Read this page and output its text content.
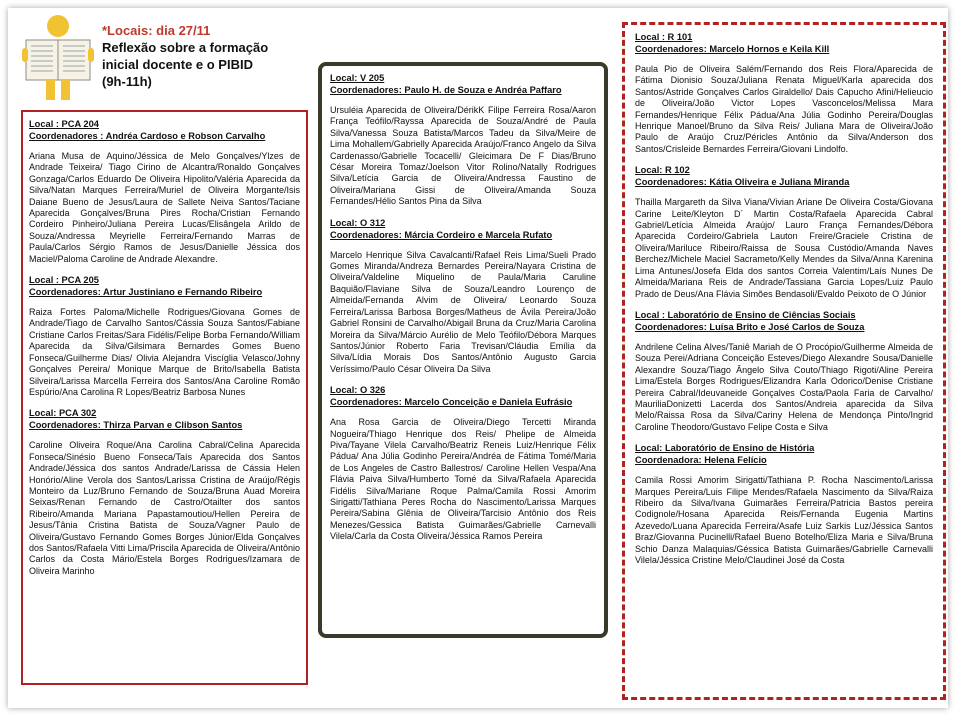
*Locais: dia 27/11
Reflexão sobre a formação inicial docente e o PIBID
(9h-11h)
Local : PCA 204
Coordenadores : Andréa Cardoso e Robson Carvalho
Ariana Musa de Aquino/Jéssica de Melo Gonçalves/Ylzes de Andrade Teixeira/ Tiago Cirino de Alcantra/Ronaldo Gonçalves Gonzaga/Carlos Eduardo De Oliveira Hipolito/Valéria Aparecida da Silva/Natan Marques Ferreira/Muriel de Oliveira Morgante/Isis Daiane Bueno de Jesus/Laura de Sallete Neiva Santos/Taciane Aparecida Gonçalves/Bruna Pires Rocha/Cristian Fernando Cordeiro Pinheiro/Juliana Pereira Lucas/Elisângela Arildo de Souza/Andressa Meyrielle Ferreira/Fernando Marras de Paula/Carlos Sérgio Ramos de Jesus/Danielle Jéssica dos Maciel/Paloma Caroline de Andrade Alexandre.
Local : PCA 205
Coordenadores: Artur Justiniano e Fernando Ribeiro
Raiza Fortes Paloma/Michelle Rodrigues/Giovana Gomes de Andrade/Tiago de Carvalho Santos/Cássia Souza Santos/Fabiane Cristiane Carlos Freitas/Sara Fidélis/Felipe Borba Fernando/William Aparecida da Silva/Gilsimara Bernardes Gomes Bueno Fonseca/Guilherme Dias/ Olivia Alejandra Viscíglia Velasco/Johny Gonçalves Pereira/ Monique Marque de Brito/Isabella Batista Silveira/Larissa Marcella Ferreira dos Santos/Ana Caroline Romão Espúrio/Ana Carolina R Lopes/Beatriz Barbosa Nunes
Local: PCA 302
Coordenadores: Thirza Parvan e Clibson Santos
Caroline Oliveira Roque/Ana Carolina Cabral/Celina Aparecida Fonseca/Sinésio Bueno Fonseca/Taís Aparecida dos Santos Andrade/Jéssica dos santos Andrade/Larissa de Cássia Helen Honório/Aline Verola dos Santos/Larissa Cristina de Araújo/Régis Monteiro da Luz/Bruno Fernando de Souza/Bruna Auad Moreira Seixas/Renan Fernando de Castro/Otailter dos santos Ribeiro/Amanda Mariana Papastamoutiou/Hellen Pereira de Jesus/Tânia Cristina Batista de Souza/Vagner Paulo de Oliveira/Gustavo Fernando Gomes Borges Júnior/Elda Gonçalves dos Santos/Rafaela Vitti Lima/Priscila Aparecida de Oliveira/Antônio Carlos da Costa Mário/Estela Borges Rodrigues/Izamara de Oliveira Marinho
Local: V 205
Coordenadores: Paulo H. de Souza e Andréa Paffaro
Ursuléia Aparecida de Oliveira/DérikK Filipe Ferreira Rosa/Aaron França Teófilo/Rayssa Aparecida de Souza/André de Paula Silva/Vanessa Souza Batista/Marcos Tadeu da Silva/Meire de Lima Mohallem/Gabrielly Aparecida Araújo/Franco Angelo da Silva Cardenasso/Gabrielle Tocacelli/ Gleicimara De F Dias/Bruno César Moreira Tomaz/Joelson Vitor Rolino/Natally Rodrigues Silva/Letícia Garcia de Oliveira/Andressa Faustino de Oliveira/Mariana Gissi de Oliveira/Amanda Souza Fernandes/Hélio Santos Pina da Silva
Local: O 312
Coordenadores: Márcia Cordeiro e Marcela Rufato
Marcelo Henrique Silva Cavalcanti/Rafael Reis Lima/Sueli Prado Gomes Miranda/Andreza Bernardes Pereira/Nayara Cristina de Oliveira/Valdeline Miquelino de Paula/Maria Caruline Baquião/Flaviane Silva de Souza/Leandro Lourenço de Almeida/Fernanda Alvim de Oliveira/ Leonardo Souza Ferreira/Larissa Barbosa Borges/Matheus de Ávila Pereira/João Gabriel Ronsini de Carvalho/Abigail Bruna da Cruz/Maria Carolina Moreira da Silva/Márcio Aurélio de Melo Teófilo/Débora Marques Santos/Júnior Roberto Faria Trevisan/Cláudia Emília da Silva/Lídia Morais Dos Santos/Antônio Augusto Garcia Veríssimo/Paulo César Oliveira Da Silva
Local: O 326
Coordenadores: Marcelo Conceição e Daniela Eufrásio
Ana Rosa Garcia de Oliveira/Diego Tercetti Miranda Nogueira/Thiago Henrique dos Reis/ Phelipe de Almeida Piva/Tayane Vilela Carvalho/Beatriz Reneis Luiz/Henrique Félix Pádua/ Ana Júlia Godinho Pereira/Andréa de Fátima Tomé/Maria de Los Angeles de Castro Ballestros/ Caroline Hellen Vespa/Ana Flávia Paiva Silva/Humberto Tomé da Silva/Rafaela Aparecida Fidélis Silva/Mariane Roque Palma/Camila Rossi Amorim Sirigatti/Tathiana Peres Rocha do Nascimento/Larissa Marques Pereira/Sabina Glênia de Oliveira/Tarcisio Antônio dos Reis Menezes/Gessica Batista Guimarães/Gabrielle Carnevalli Vilela/Carla da Costa Oliveira/Jéssica Ramos Pereira
Local : R 101
Coordenadores: Marcelo Hornos e Keila Kill
Paula Pio de Oliveira Salém/Fernando dos Reis Flora/Aparecida de Fátima Dionisio Souza/Juliana Renata Miguel/Karla aparecida dos Santos/Astride Gonçalves Carlos Giraldello/ Dais Capucho Afini/Helieucio de Oliveira/João Victor Lopes Vasconcelos/Melissa Mara Fernandes/Henrique Félix Pádua/Ana Júlia Godinho Pereira/Douglas Henrique Manoel/Bruno da Silva Reis/ Juliana Mara de Oliveira/João Paulo de Araújo Cruz/Péricles Antônio da Silva/Anderson dos Santos/Crisleide Bernardes Ferreira/Giovani Lindolfo.
Local: R 102
Coordenadores: Kátia Oliveira e Juliana Miranda
Thailla Margareth da Silva Viana/Vivian Ariane De Oliveira Costa/Giovana Carine Leite/Kleyton D´ Martin Costa/Rafaela Aparecida Cabral Gabriel/Letícia Almeida Araújo/ Lauro França Fernandes/Débora Aparecida Cordeiro/Gabriela Lauton Freire/Graciele Cristina de Oliveira/Mariluce Ribeiro/Raissa de Sousa Custódio/Amanda Naves Berchez/Michele Maciel Sacrameto/Kelly Mendes da Silva/Anna Karenina Lima Antunes/Josefa Elda dos santos Correia Valentim/Laís Nunes De Almeida/Mariana Reis de Andrade/Tassiana Garcia Lopes/Luiz Paulo Prado de Deus/Ana Flávia Simões Bendasoli/Evaldo Peixoto de O Júnior
Local : Laboratório de Ensino de Ciências Sociais
Coordenadores: Luísa Brito e José Carlos de Souza
Andrilene Celina Alves/Taniê Mariah de O Procópio/Guilherme Almeida de Souza Perei/Adriana Conceição Esteves/Diego Alexandre Sousa/Danielle Alexandre Souza/Tiago Ângelo Silva Couto/Thiago Rigoti/Aline Pereira Lima/Estela Borges Rodrigues/Elizandra Karla Odorico/Denise Cristiane Pereira Cabral/Ideuvaneide Gonçalves Costa/Paola Faria de Carvalho/ MauriliaDonizetti Lacerda dos Santos/Andreia aparecida da Silva Melo/Raissa Rosa da Silva/Cariny Helena de Mendonça Pinto/Ingrid Caroline Theodoro/Gustavo Felipe Costa e Silva
Local: Laboratório de Ensino de História
Coordenadora: Helena Felício
Camila Rossi Amorim Sirigatti/Tathiana P. Rocha Nascimento/Larissa Marques Pereira/Luis Filipe Mendes/Rafaela Nascimento da Silva/Raiza Ribeiro da Silva/Ivana Guimarães Ferreira/Patricia Bastos pereira Codignole/Hosana Aparecida Reis/Fernanda Eugenia Martins Azevedo/Luana Aparecida Ferreira/Asafe Luiz Sarkis Luz/Jéssica Santos Braz/Giovanna Pucinelli/Rafael Bueno Botelho/Eliza Maria e Silva/Bruna Schio Danza Malaquias/Géssica Batista Guimarães/Gabrielle Carnevalli Vilela/Jéssica Cristine Melo/Claudinei José da Costa
